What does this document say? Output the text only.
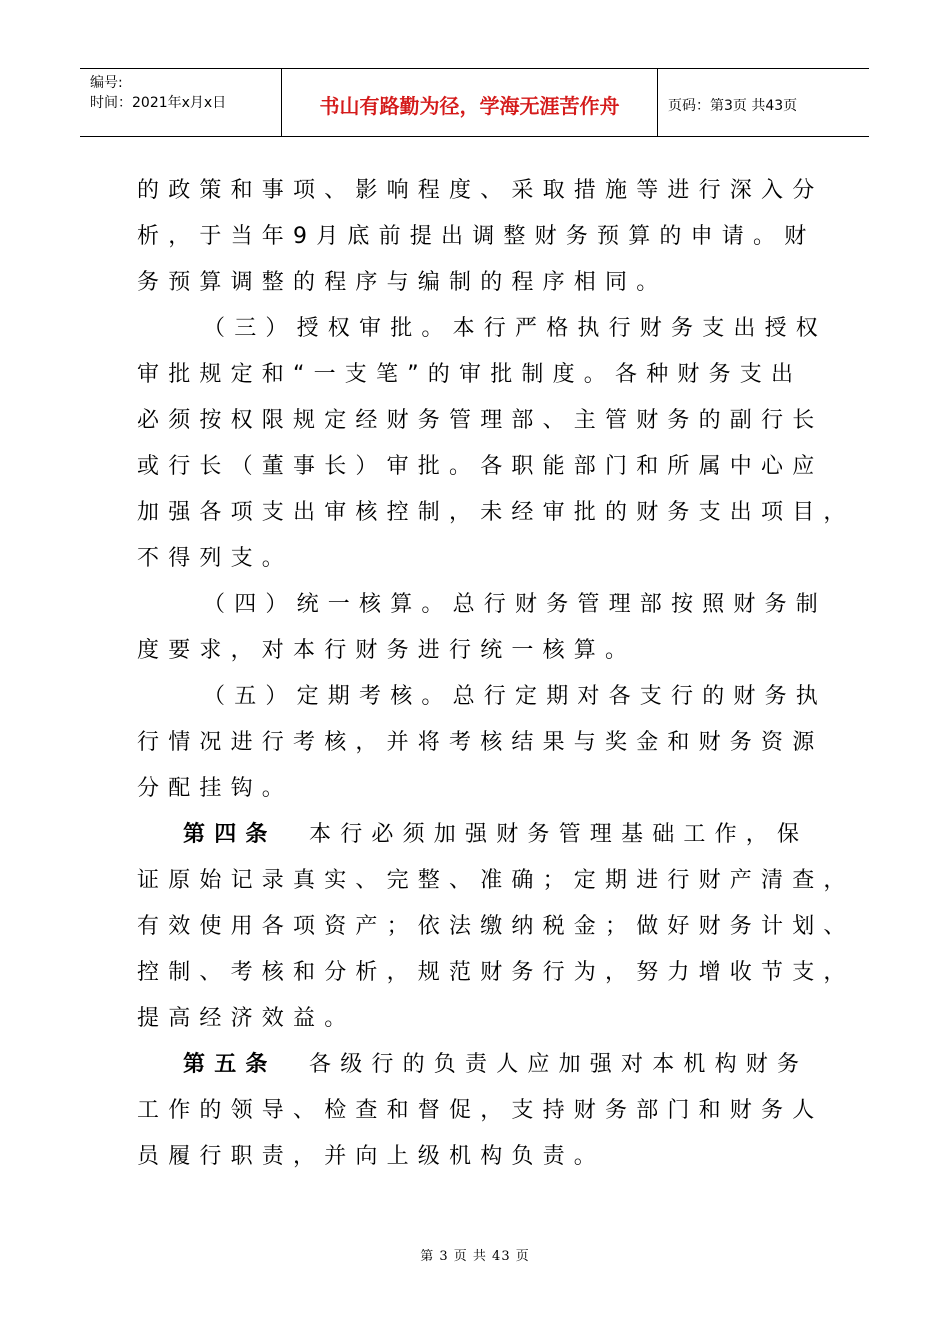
编号:
时间：2021年x月x日	书山有路勤为径，学海无涯苦作舟	页码：第3页 共43页
的政策和事项、影响程度、采取措施等进行深入分
析，于当年9月底前提出调整财务预算的申请。财
务预算调整的程序与编制的程序相同。
（三）授权审批。本行严格执行财务支出授权
审批规定和“一支笔”的审批制度。各种财务支出
必须按权限规定经财务管理部、主管财务的副行长
或行长（董事长）审批。各职能部门和所属中心应
加强各项支出审核控制，未经审批的财务支出项目，
不得列支。
（四）统一核算。总行财务管理部按照财务制
度要求，对本行财务进行统一核算。
（五）定期考核。总行定期对各支行的财务执
行情况进行考核，并将考核结果与奖金和财务资源
分配挂钩。
第四条  本行必须加强财务管理基础工作，保
证原始记录真实、完整、准确；定期进行财产清查，
有效使用各项资产；依法缴纳税金；做好财务计划、
控制、考核和分析，规范财务行为，努力增收节支，
提高经济效益。
第五条  各级行的负责人应加强对本机构财务
工作的领导、检查和督促，支持财务部门和财务人
员履行职责，并向上级机构负责。
第 3 页 共 43 页
